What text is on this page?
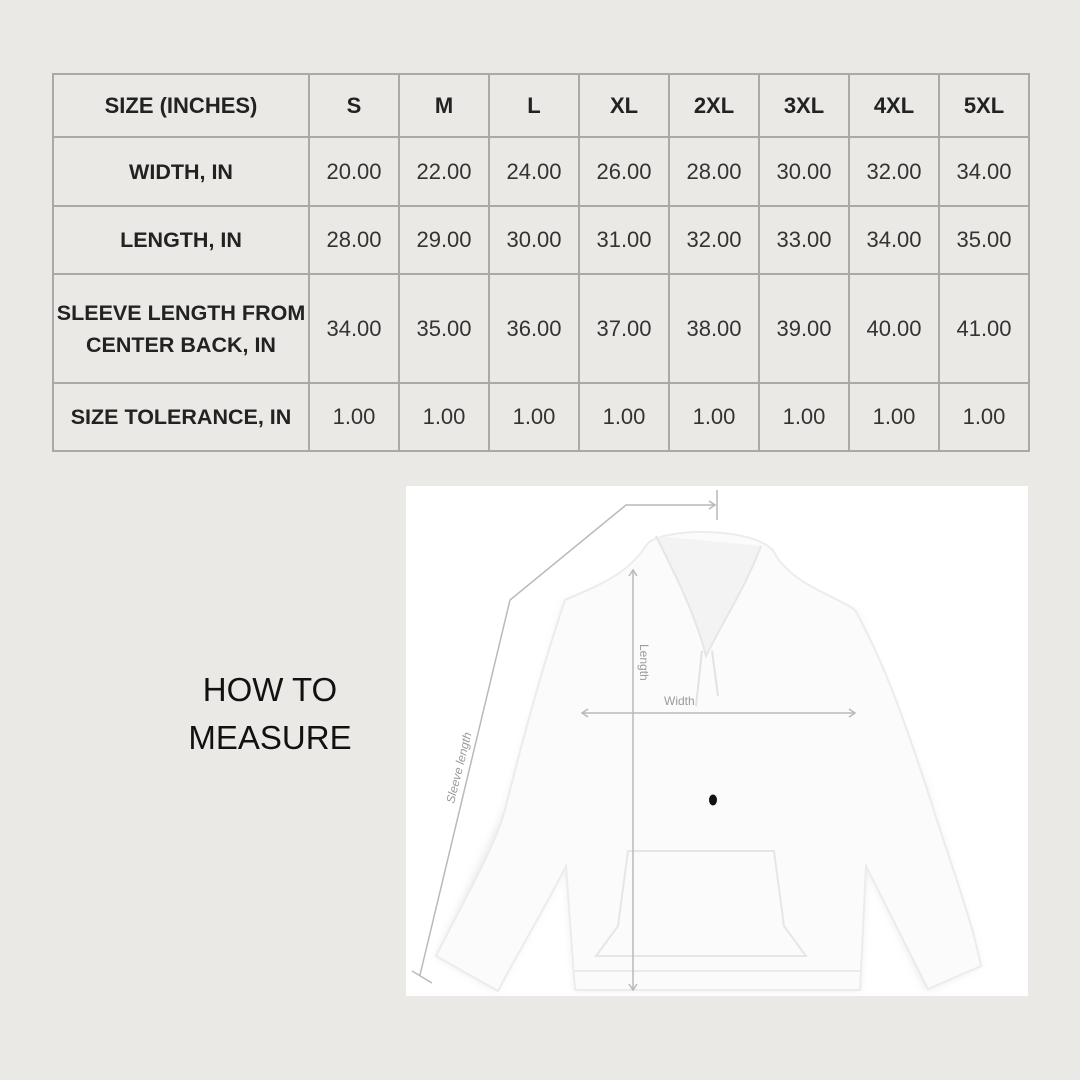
SIZE (INCHES)	S	M	L	XL	2XL	3XL	4XL	5XL
WIDTH, IN	20.00	22.00	24.00	26.00	28.00	30.00	32.00	34.00
LENGTH, IN	28.00	29.00	30.00	31.00	32.00	33.00	34.00	35.00
SLEEVE LENGTH FROM CENTER BACK, IN	34.00	35.00	36.00	37.00	38.00	39.00	40.00	41.00
SIZE TOLERANCE, IN	1.00	1.00	1.00	1.00	1.00	1.00	1.00	1.00
HOW TO
MEASURE
Width
Length
Sleeve length
